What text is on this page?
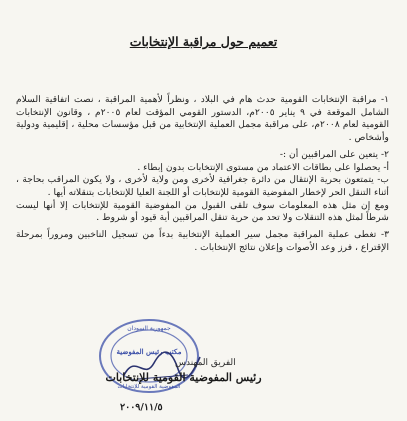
تعميم حول مراقبة الإنتخابات

١- مراقبة الإنتخابات القومية حدث هام في البلاد ، ونظراً لأهمية المراقبة ، نصت اتفاقية السلام الشامل الموقعة في ٩ يناير ٢٠٠٥م، الدستور القومي المؤقت لعام ٢٠٠٥م ، وقانون الإنتخابات القومية لعام ٢٠٠٨م، على مراقبة مجمل العملية الإنتخابية من قبل مؤسسات محلية ، إقليمية ودولية وأشخاص .

٢- يتعين على المراقبين أن :-

أ- يحصلوا على بطاقات الاعتماد من مستوى الإنتخابات بدون إبطاء .

ب- يتمتعون بحرية الإنتقال من دائرة جغرافية لأخرى ومن ولاية لأخرى ، ولا يكون المراقب بحاجة ، أثناء التنقل الحر لإخطار المفوضية القومية للإنتخابات أو اللجنة العليا للإنتخابات بتنقلاته أيها .

ومع إن مثل هذه المعلومات سوف تلقى القبول من المفوضية القومية للإنتخابات إلا أنها ليست شرطاً لمثل هذه التنقلات ولا تحد من حرية تنقل المراقبين أية قيود أو شروط .

٣- تغطى عملية المراقبة مجمل سير العملية الإنتخابية بدءاً من تسجيل الناخبين ومروراً بمرحلة الإقتراع ، فرز وعد الأصوات وإعلان نتائج الإنتخابات .

جمهورية السودان
مكتب رئيس المفوضية
المفوضية القومية للإنتخابات
الفريق المهندس
رئيس المفوضية القومية للإنتخابات
٢٠٠٩/١١/٥
